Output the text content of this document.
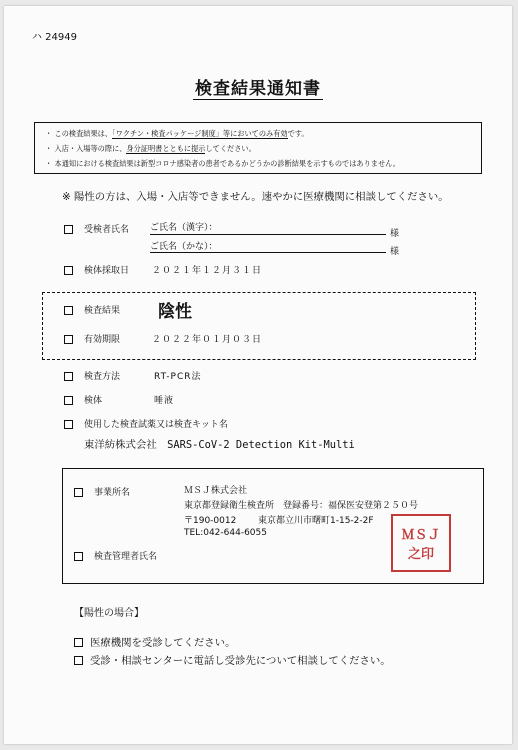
ハ 24949
検査結果通知書
・ この検査結果は、「ワクチン・検査パッケージ制度」等においてのみ有効です。
・ 入店・入場等の際に、身分証明書とともに提示してください。
・ 本通知における検査結果は新型コロナ感染者の患者であるかどうかの診断結果を示すものではありません。
※ 陽性の方は、入場・入店等できません。速やかに医療機関に相談してください。
受検者氏名 ご氏名（漢字）：
様
ご氏名（かな）：	様
検体採取日	２０２１年１２月３１日
検査結果 陰性
有効期限	２０２２年０１月０３日
検査方法	RT-PCR法
検体	唾液
使用した検査試薬又は検査キット名
東洋紡株式会社　SARS-CoV-2 Detection Kit-Multi
事業所名	ＭＳＪ株式会社
東京都登録衛生検査所　登録番号：福保医安登第２５０号
〒190-0012 東京都立川市曙町1-15-2-2F
TEL:042-644-6055	ＭＳＪ
之印
検査管理者氏名
【陽性の場合】
医療機関を受診してください。
受診・相談センターに電話し受診先について相談してください。
